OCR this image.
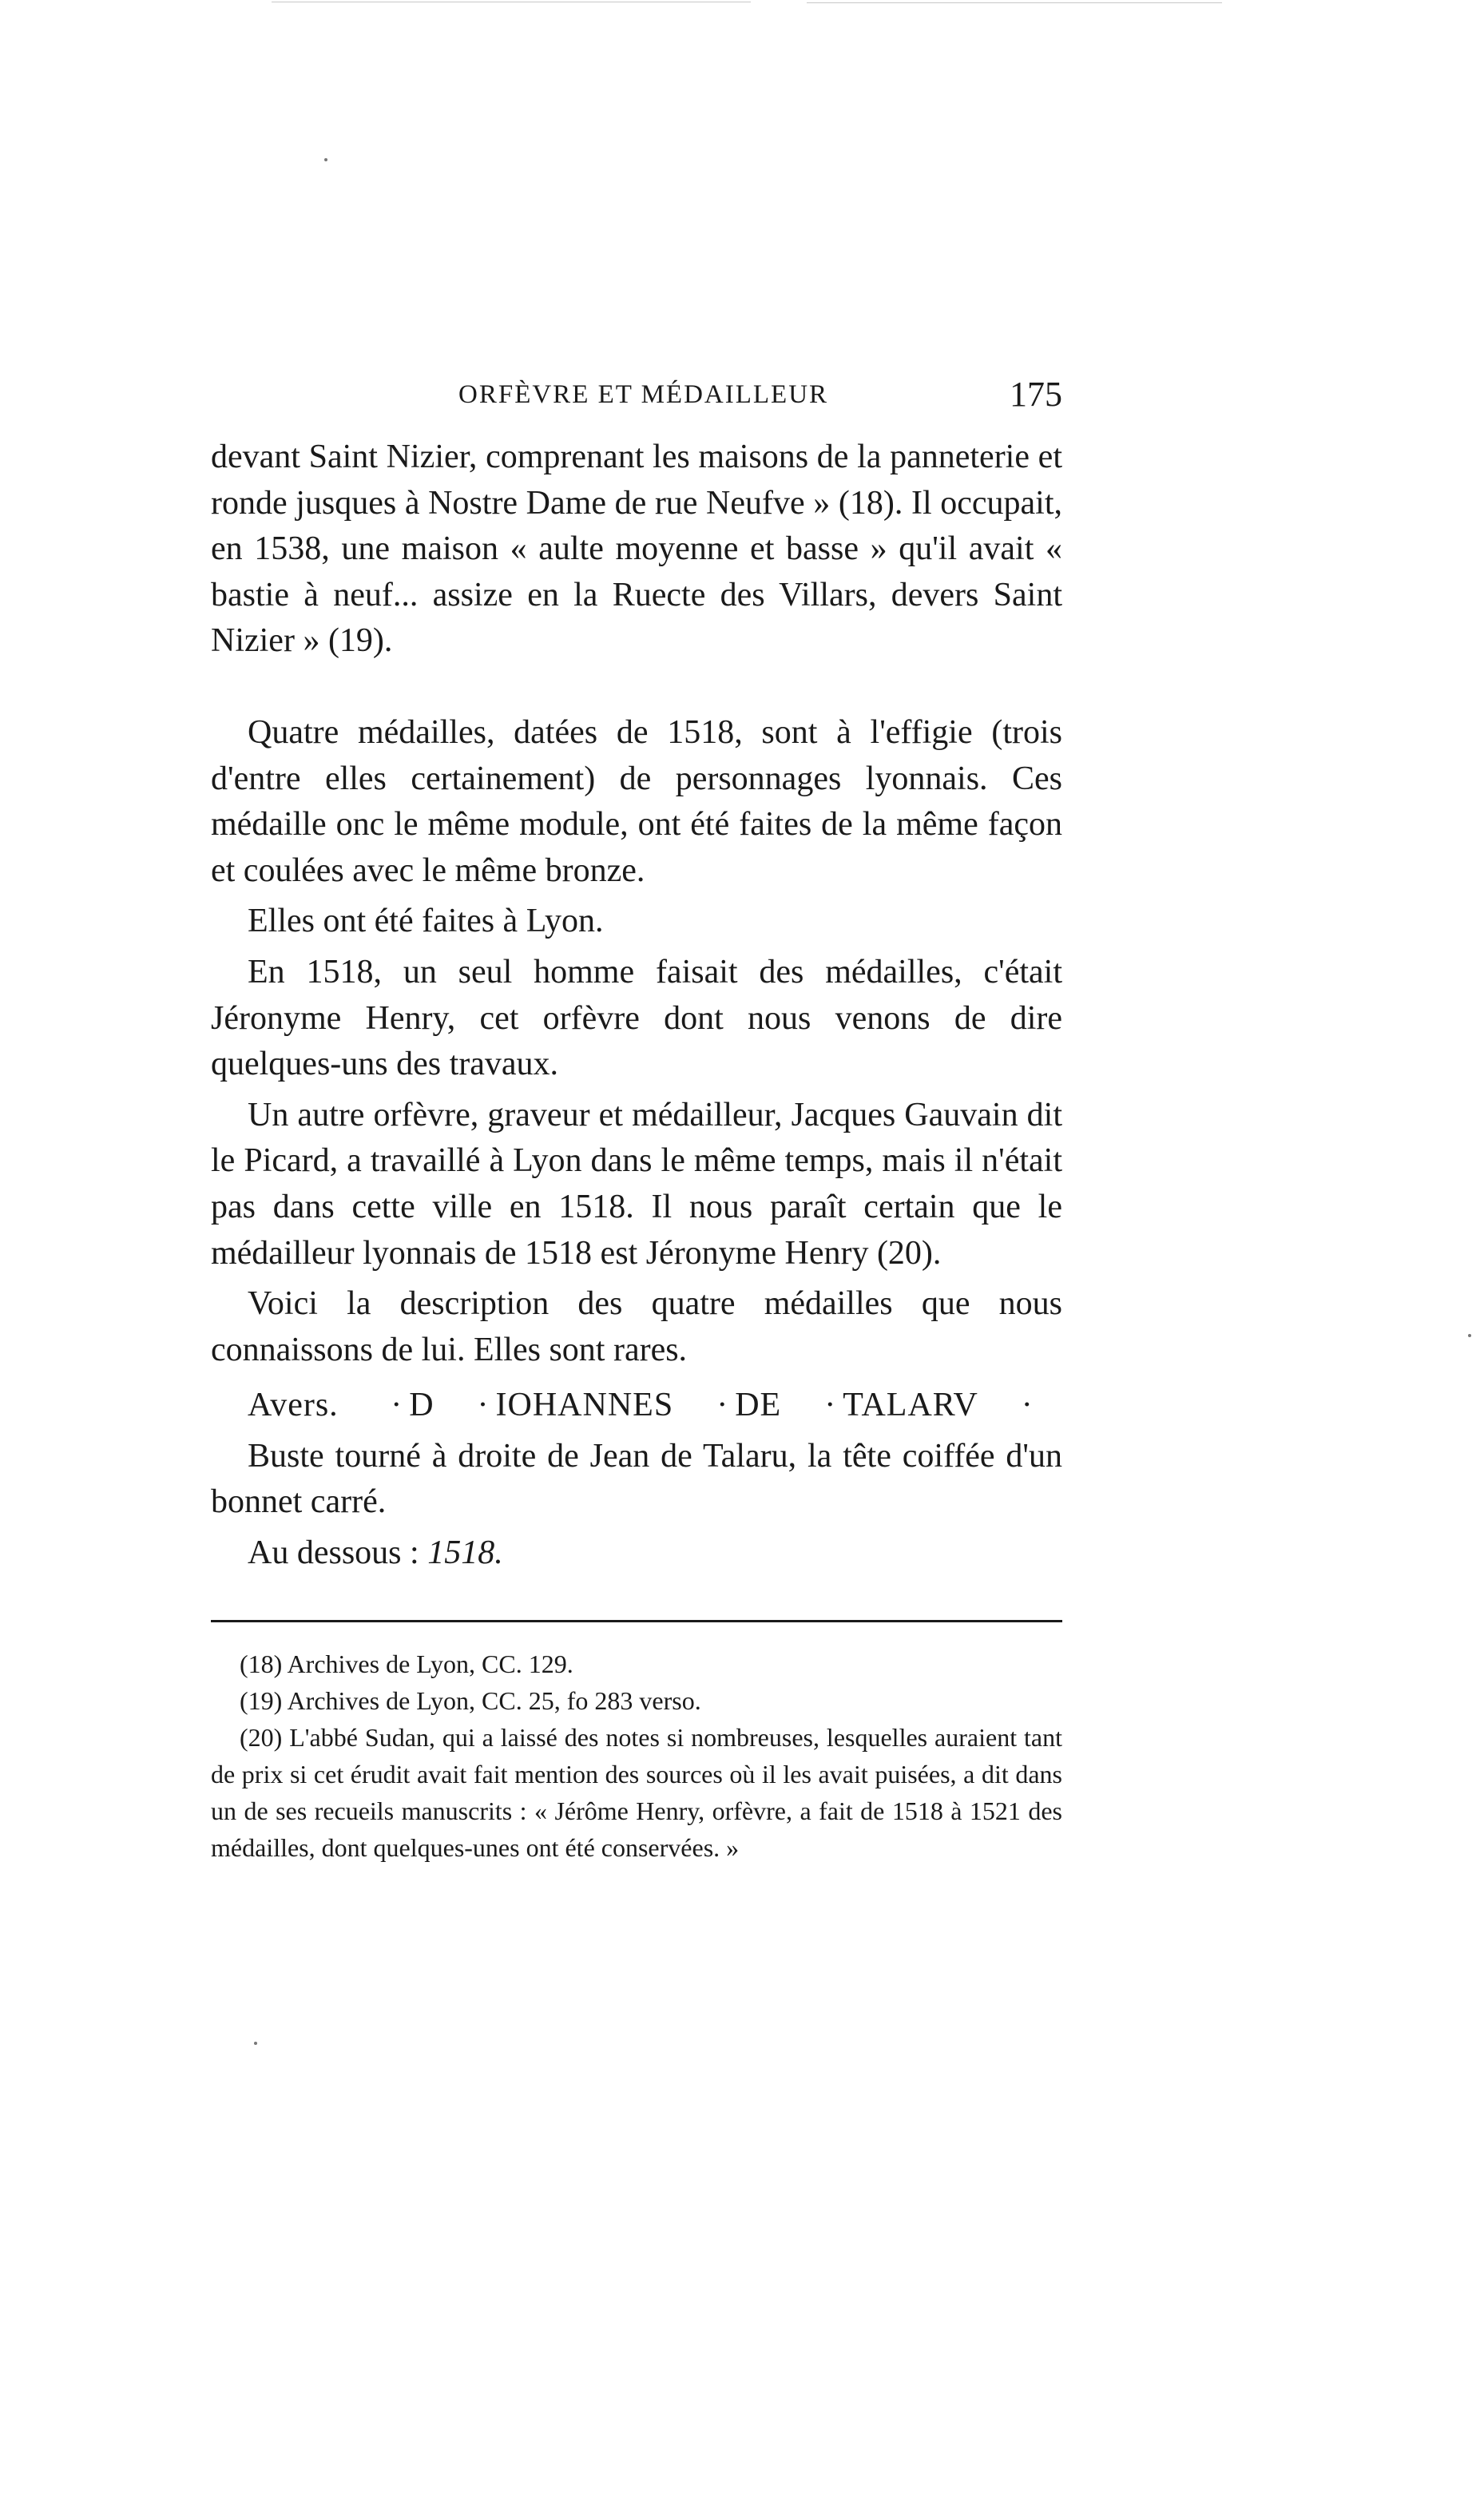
ORFÈVRE ET MÉDAILLEUR	175

devant Saint Nizier, comprenant les maisons de la panneterie et ronde jusques à Nostre Dame de rue Neufve » (18). Il occupait, en 1538, une maison « aulte moyenne et basse » qu'il avait « bastie à neuf... assize en la Ruecte des Villars, devers Saint Nizier » (19).

Quatre médailles, datées de 1518, sont à l'effigie (trois d'entre elles certainement) de personnages lyonnais. Ces médaille onc le même module, ont été faites de la même façon et coulées avec le même bronze.

Elles ont été faites à Lyon.

En 1518, un seul homme faisait des médailles, c'était Jéronyme Henry, cet orfèvre dont nous venons de dire quelques-uns des travaux.

Un autre orfèvre, graveur et médailleur, Jacques Gauvain dit le Picard, a travaillé à Lyon dans le même temps, mais il n'était pas dans cette ville en 1518. Il nous paraît certain que le médailleur lyonnais de 1518 est Jéronyme Henry (20).

Voici la description des quatre médailles que nous connaissons de lui. Elles sont rares.

Avers. · D · IOHANNES · DE · TALARV ·

Buste tourné à droite de Jean de Talaru, la tête coiffée d'un bonnet carré.

Au dessous : 1518.

(18) Archives de Lyon, CC. 129.

(19) Archives de Lyon, CC. 25, fo 283 verso.

(20) L'abbé Sudan, qui a laissé des notes si nombreuses, lesquelles auraient tant de prix si cet érudit avait fait mention des sources où il les avait puisées, a dit dans un de ses recueils manuscrits : « Jérôme Henry, orfèvre, a fait de 1518 à 1521 des médailles, dont quelques-unes ont été conservées. »
